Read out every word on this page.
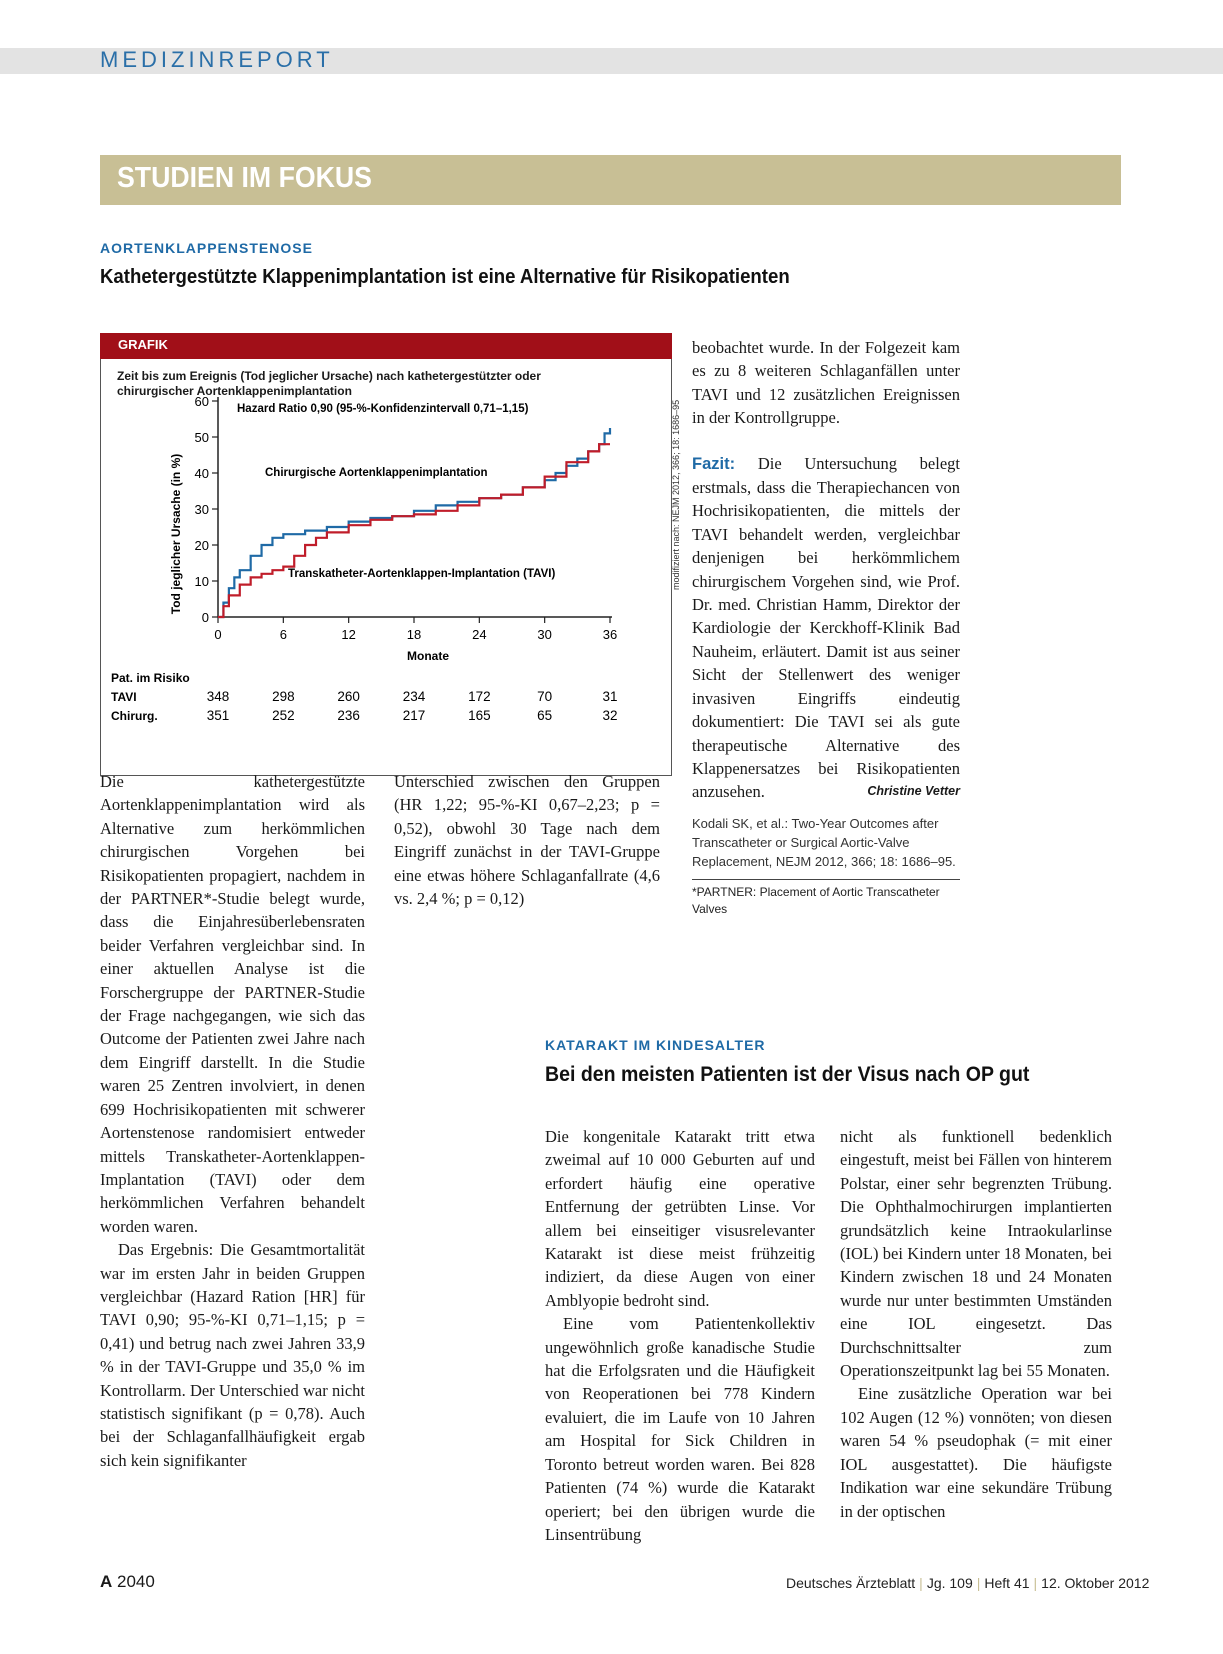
MEDIZINREPORT
STUDIEN IM FOKUS
AORTENKLAPPENSTENOSE
Kathetergestützte Klappenimplantation ist eine Alternative für Risikopatienten
GRAFIK
Zeit bis zum Ereignis (Tod jeglicher Ursache) nach kathetergestützter oder chirurgischer Aortenklappenimplantation
0
10
20
30
40
50
60
0	6	12	18	24	30	36
Tod jeglicher Ursache (in %)
Monate
Hazard Ratio 0,90 (95-%-Konfidenzintervall 0,71–1,15)
Chirurgische Aortenklappenimplantation
Transkatheter-Aortenklappen-Implantation (TAVI)
Pat. im Risiko
TAVI	348	298	260	234	172	70	31
Chirurg.	351	252	236	217	165	65	32
modifiziert nach: NEJM 2012, 366; 18: 1686–95

Die kathetergestützte Aortenklappenimplantation wird als Alternative zum herkömmlichen chirurgischen Vorgehen bei Risikopatienten propagiert, nachdem in der PARTNER*-Studie belegt wurde, dass die Einjahresüberlebensraten beider Verfahren vergleichbar sind. In einer aktuellen Analyse ist die Forschergruppe der PARTNER-Studie der Frage nachgegangen, wie sich das Outcome der Patienten zwei Jahre nach dem Eingriff darstellt. In die Studie waren 25 Zentren involviert, in denen 699 Hochrisikopatienten mit schwerer Aortenstenose randomisiert entweder mittels Transkatheter-Aortenklappen-Implantation (TAVI) oder dem herkömmlichen Verfahren behandelt worden waren.

Das Ergebnis: Die Gesamtmortalität war im ersten Jahr in beiden Gruppen vergleichbar (Hazard Ration [HR] für TAVI 0,90; 95-%-KI 0,71–1,15; p = 0,41) und betrug nach zwei Jahren 33,9 % in der TAVI-Gruppe und 35,0 % im Kontrollarm. Der Unterschied war nicht statistisch signifikant (p = 0,78). Auch bei der Schlaganfallhäufigkeit ergab sich kein signifikanter

Unterschied zwischen den Gruppen (HR 1,22; 95-%-KI 0,67–2,23; p = 0,52), obwohl 30 Tage nach dem Eingriff zunächst in der TAVI-Gruppe eine etwas höhere Schlaganfallrate (4,6 vs. 2,4 %; p = 0,12)

beobachtet wurde. In der Folgezeit kam es zu 8 weiteren Schlaganfällen unter TAVI und 12 zusätzlichen Ereignissen in der Kontrollgruppe.

Fazit: Die Untersuchung belegt erstmals, dass die Therapiechancen von Hochrisikopatienten, die mittels der TAVI behandelt werden, vergleichbar denjenigen bei herkömmlichem chirurgischem Vorgehen sind, wie Prof. Dr. med. Christian Hamm, Direktor der Kardiologie der Kerckhoff-Klinik Bad Nauheim, erläutert. Damit ist aus seiner Sicht der Stellenwert des weniger invasiven Eingriffs eindeutig dokumentiert: Die TAVI sei als gute therapeutische Alternative des Klappenersatzes bei Risikopatienten anzusehen.	Christine Vetter

Kodali SK, et al.: Two-Year Outcomes after Transcatheter or Surgical Aortic-Valve Replacement, NEJM 2012, 366; 18: 1686–95.

*PARTNER: Placement of Aortic Transcatheter Valves

KATARAKT IM KINDESALTER
Bei den meisten Patienten ist der Visus nach OP gut

Die kongenitale Katarakt tritt etwa zweimal auf 10 000 Geburten auf und erfordert häufig eine operative Entfernung der getrübten Linse. Vor allem bei einseitiger visusrelevanter Katarakt ist diese meist frühzeitig indiziert, da diese Augen von einer Amblyopie bedroht sind.

Eine vom Patientenkollektiv ungewöhnlich große kanadische Studie hat die Erfolgsraten und die Häufigkeit von Reoperationen bei 778 Kindern evaluiert, die im Laufe von 10 Jahren am Hospital for Sick Children in Toronto betreut worden waren. Bei 828 Patienten (74 %) wurde die Katarakt operiert; bei den übrigen wurde die Linsentrübung

nicht als funktionell bedenklich eingestuft, meist bei Fällen von hinterem Polstar, einer sehr begrenzten Trübung. Die Ophthalmochirurgen implantierten grundsätzlich keine Intraokularlinse (IOL) bei Kindern unter 18 Monaten, bei Kindern zwischen 18 und 24 Monaten wurde nur unter bestimmten Umständen eine IOL eingesetzt. Das Durchschnittsalter zum Operationszeitpunkt lag bei 55 Monaten.

Eine zusätzliche Operation war bei 102 Augen (12 %) vonnöten; von diesen waren 54 % pseudophak (= mit einer IOL ausgestattet). Die häufigste Indikation war eine sekundäre Trübung in der optischen

A 2040	Deutsches Ärzteblatt | Jg. 109 | Heft 41 | 12. Oktober 2012
